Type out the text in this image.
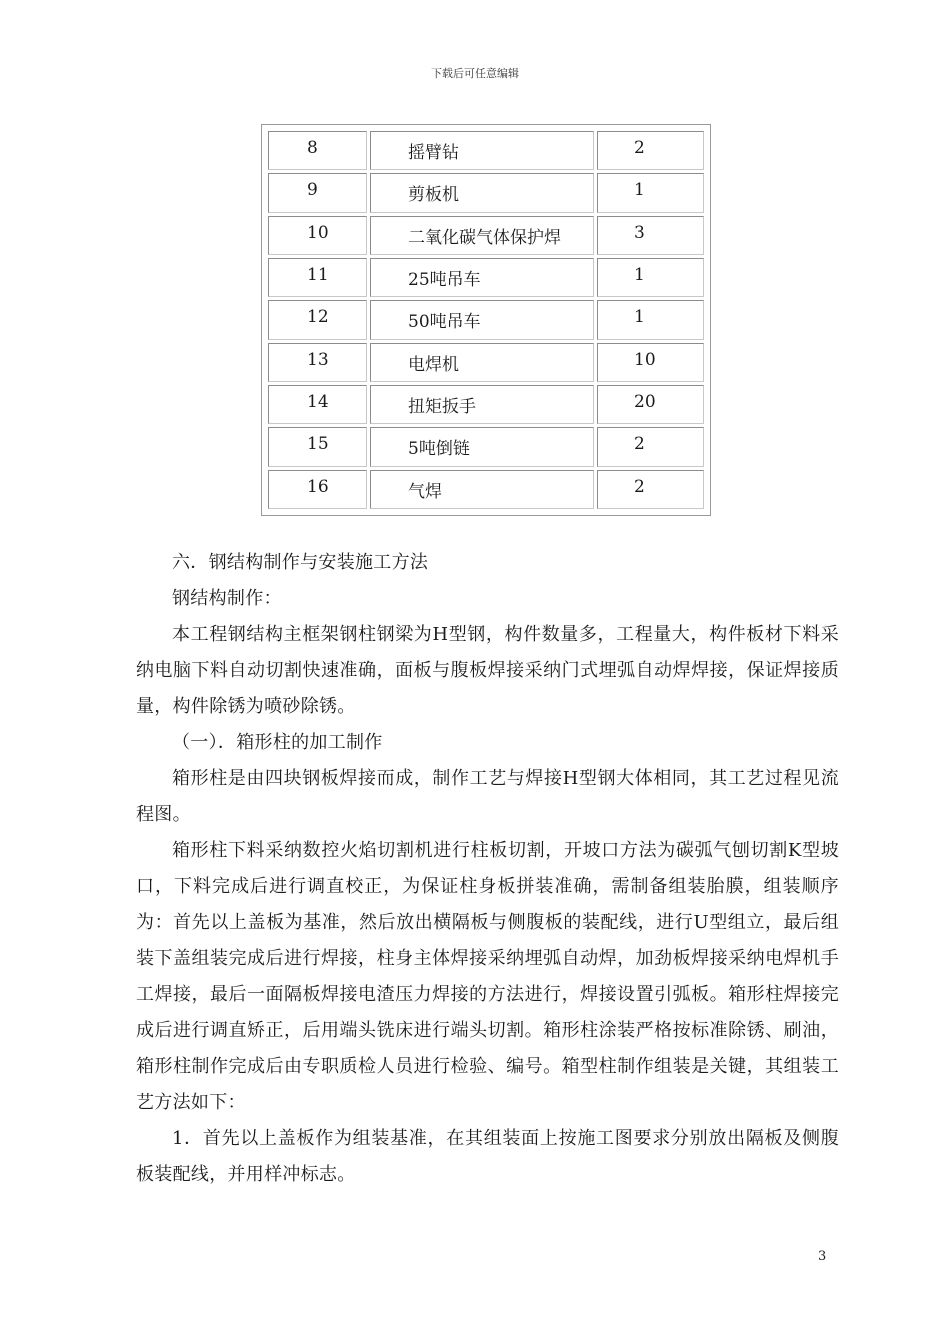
下载后可任意编辑
8	摇臂钻	2
9	剪板机	1
10	二氧化碳气体保护焊	3
11	25吨吊车	1
12	50吨吊车	1
13	电焊机	10
14	扭矩扳手	20
15	5吨倒链	2
16	气焊	2

六．钢结构制作与安装施工方法

钢结构制作：

本工程钢结构主框架钢柱钢梁为H型钢，构件数量多，工程量大，构件板材下料采纳电脑下料自动切割快速准确，面板与腹板焊接采纳门式埋弧自动焊焊接，保证焊接质量，构件除锈为喷砂除锈。

（一）．箱形柱的加工制作

箱形柱是由四块钢板焊接而成，制作工艺与焊接H型钢大体相同，其工艺过程见流程图。

箱形柱下料采纳数控火焰切割机进行柱板切割，开坡口方法为碳弧气刨切割K型坡口，下料完成后进行调直校正，为保证柱身板拼装准确，需制备组装胎膜，组装顺序为：首先以上盖板为基准，然后放出横隔板与侧腹板的装配线，进行U型组立，最后组装下盖组装完成后进行焊接，柱身主体焊接采纳埋弧自动焊，加劲板焊接采纳电焊机手工焊接，最后一面隔板焊接电渣压力焊接的方法进行，焊接设置引弧板。箱形柱焊接完成后进行调直矫正，后用端头铣床进行端头切割。箱形柱涂装严格按标准除锈、刷油，箱形柱制作完成后由专职质检人员进行检验、编号。箱型柱制作组装是关键，其组装工艺方法如下：

1．首先以上盖板作为组装基准，在其组装面上按施工图要求分别放出隔板及侧腹板装配线，并用样冲标志。

3
